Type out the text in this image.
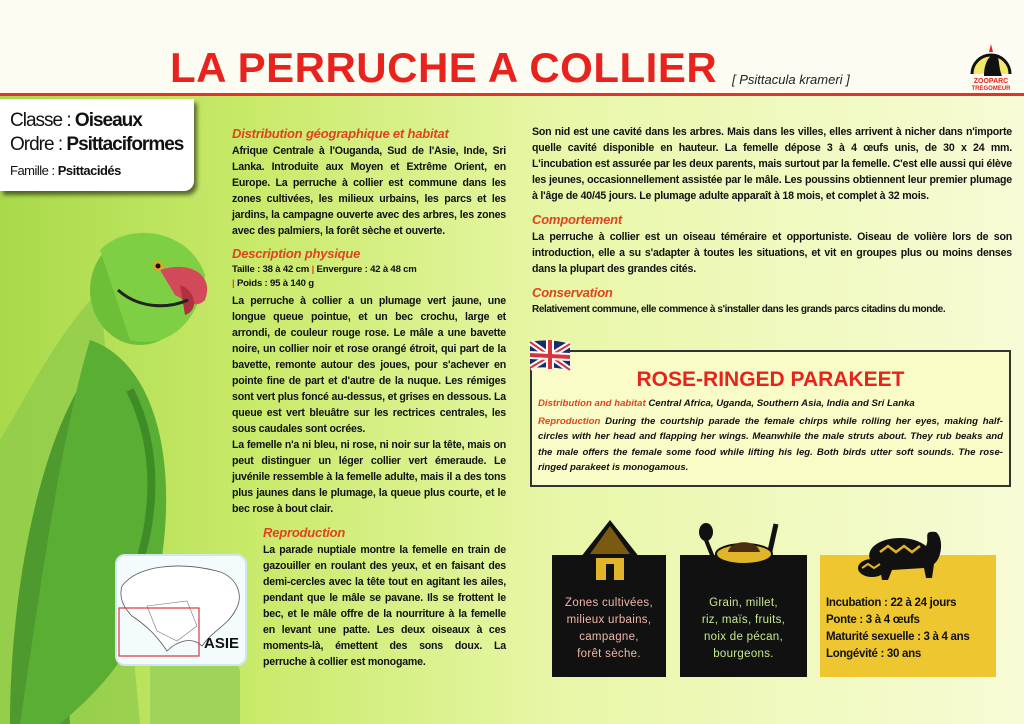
LA PERRUCHE A COLLIER [ Psittacula krameri ]	ZOOPARC
TREGOMEUR
Classe : Oiseaux
Ordre : Psittaciformes
Famille : Psittacidés
ASIE
Distribution géographique et habitat
Afrique Centrale à l'Ouganda, Sud de l'Asie, Inde, Sri Lanka. Introduite aux Moyen et Extrême Orient, en Europe. La perruche à collier est commune dans les zones cultivées, les milieux urbains, les parcs et les jardins, la campagne ouverte avec des arbres, les zones avec des palmiers, la forêt sèche et ouverte.
Description physique
Taille : 38 à 42 cm | Envergure : 42 à 48 cm
| Poids : 95 à 140 g
La perruche à collier a un plumage vert jaune, une longue queue pointue, et un bec crochu, large et arrondi, de couleur rouge rose. Le mâle a une bavette noire, un collier noir et rose orangé étroit, qui part de la bavette, remonte autour des joues, pour s'achever en pointe fine de part et d'autre de la nuque. Les rémiges sont vert plus foncé au-dessus, et grises en dessous. La queue est vert bleuâtre sur les rectrices centrales, les sous caudales sont ocrées.
La femelle n'a ni bleu, ni rose, ni noir sur la tête, mais on peut distinguer un léger collier vert émeraude. Le juvénile ressemble à la femelle adulte, mais il a des tons plus jaunes dans le plumage, la queue plus courte, et le bec rose à bout clair.
Reproduction
La parade nuptiale montre la femelle en train de gazouiller en roulant des yeux, et en faisant des demi-cercles avec la tête tout en agitant les ailes, pendant que le mâle se pavane. Ils se frottent le bec, et le mâle offre de la nourriture à la femelle en levant une patte. Les deux oiseaux à ces moments-là, émettent des sons doux. La perruche à collier est monogame.
Son nid est une cavité dans les arbres. Mais dans les villes, elles arrivent à nicher dans n'importe quelle cavité disponible en hauteur. La femelle dépose 3 à 4 œufs unis, de 30 x 24 mm. L'incubation est assurée par les deux parents, mais surtout par la femelle. C'est elle aussi qui élève les jeunes, occasionnellement assistée par le mâle. Les poussins obtiennent leur premier plumage à l'âge de 40/45 jours. Le plumage adulte apparaît à 18 mois, et complet à 32 mois.
Comportement
La perruche à collier est un oiseau téméraire et opportuniste. Oiseau de volière lors de son introduction, elle a su s'adapter à toutes les situations, et vit en groupes plus ou moins denses dans la plupart des grandes cités.
Conservation
Relativement commune, elle commence à s'installer dans les grands parcs citadins du monde.
ROSE-RINGED PARAKEET
Distribution and habitat Central Africa, Uganda, Southern Asia, India and Sri Lanka
Reproduction During the courtship parade the female chirps while rolling her eyes, making half-circles with her head and flapping her wings. Meanwhile the male struts about. They rub beaks and the male offers the female some food while lifting his leg. Both birds utter soft sounds. The rose-ringed parakeet is monogamous.
Zones cultivées,
milieux urbains,
campagne,
forêt sèche.
Grain, millet,
riz, maïs, fruits,
noix de pécan,
bourgeons.
Incubation : 22 à 24 jours
Ponte : 3 à 4 œufs
Maturité sexuelle : 3 à 4 ans
Longévité : 30 ans
